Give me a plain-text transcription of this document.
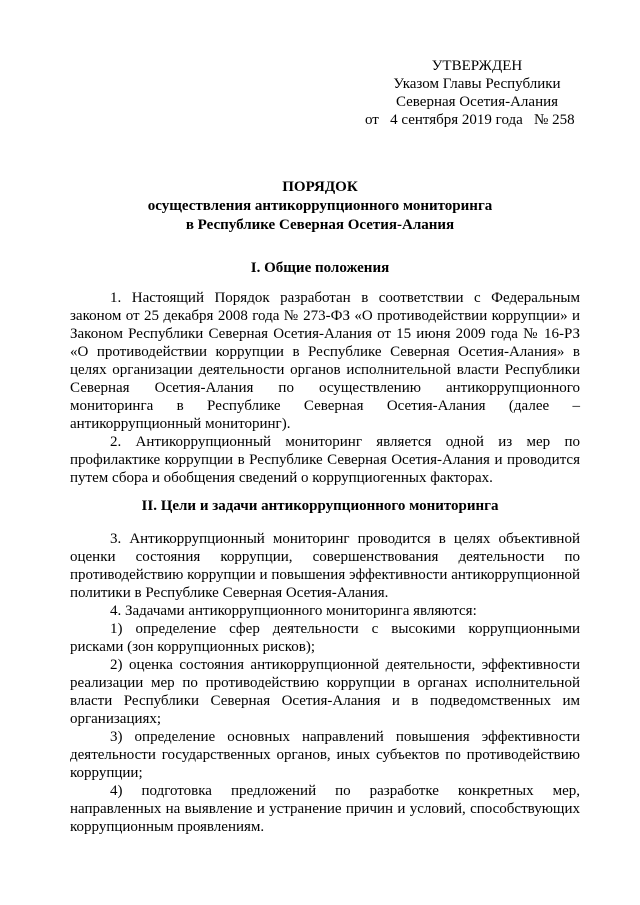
УТВЕРЖДЕН
Указом Главы Республики
Северная Осетия-Алания
от   4 сентября 2019 года   № 258
ПОРЯДОК
осуществления антикоррупционного мониторинга
в Республике Северная Осетия-Алания
I. Общие положения

1. Настоящий Порядок разработан в соответствии с Федеральным законом от 25 декабря 2008 года № 273-ФЗ «О противодействии коррупции» и Законом Республики Северная Осетия-Алания от 15 июня 2009 года № 16-РЗ «О противодействии коррупции в Республике Северная Осетия-Алания» в целях организации деятельности органов исполнительной власти Республики Северная Осетия-Алания по осуществлению антикоррупционного мониторинга в Республике Северная Осетия-Алания (далее – антикоррупционный мониторинг).

2. Антикоррупционный мониторинг является одной из мер по профилактике коррупции в Республике Северная Осетия-Алания и проводится путем сбора и обобщения сведений о коррупциогенных факторах.

II. Цели и задачи антикоррупционного мониторинга

3. Антикоррупционный мониторинг проводится в целях объективной оценки состояния коррупции, совершенствования деятельности по противодействию коррупции и повышения эффективности антикоррупционной политики в Республике Северная Осетия-Алания.

4. Задачами антикоррупционного мониторинга являются:

1) определение сфер деятельности с высокими коррупционными рисками (зон коррупционных рисков);

2) оценка состояния антикоррупционной деятельности, эффективности реализации мер по противодействию коррупции в органах исполнительной власти Республики Северная Осетия-Алания и в подведомственных им организациях;

3) определение основных направлений повышения эффективности деятельности государственных органов, иных субъектов по противодействию коррупции;

4) подготовка предложений по разработке конкретных мер, направленных на выявление и устранение причин и условий, способствующих коррупционным проявлениям.
